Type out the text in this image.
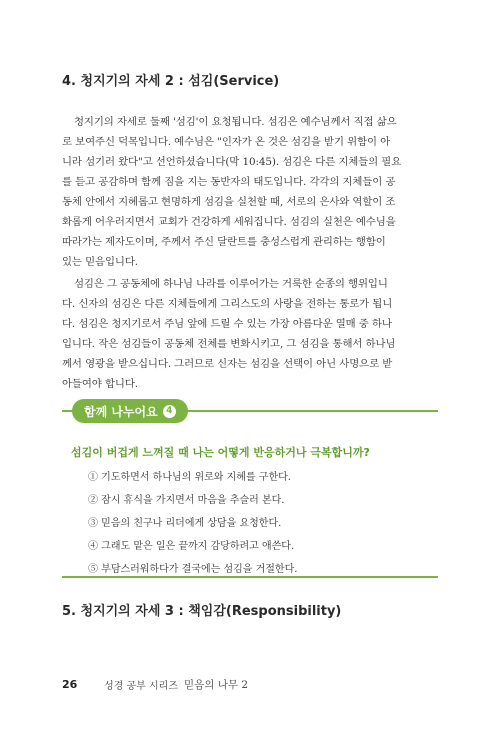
4. 청지기의 자세 2 : 섬김(Service)

청지기의 자세로 둘째 '섬김'이 요청됩니다. 섬김은 예수님께서 직접 삶으

로 보여주신 덕목입니다. 예수님은 "인자가 온 것은 섬김을 받기 위함이 아

니라 섬기러 왔다"고 선언하셨습니다(막 10:45). 섬김은 다른 지체들의 필요

를 듣고 공감하며 함께 짐을 지는 동반자의 태도입니다. 각각의 지체들이 공

동체 안에서 지혜롭고 현명하게 섬김을 실천할 때, 서로의 은사와 역할이 조

화롭게 어우러지면서 교회가 건강하게 세워집니다. 섬김의 실천은 예수님을

따라가는 제자도이며, 주께서 주신 달란트를 충성스럽게 관리하는 행함이

있는 믿음입니다.

섬김은 그 공동체에 하나님 나라를 이루어가는 거룩한 순종의 행위입니

다. 신자의 섬김은 다른 지체들에게 그리스도의 사랑을 전하는 통로가 됩니

다. 섬김은 청지기로서 주님 앞에 드릴 수 있는 가장 아름다운 열매 중 하나

입니다. 작은 섬김들이 공동체 전체를 변화시키고, 그 섬김을 통해서 하나님

께서 영광을 받으십니다. 그러므로 신자는 섬김을 선택이 아닌 사명으로 받

아들여야 합니다.

함께 나누어요 4
섬김이 버겁게 느껴질 때 나는 어떻게 반응하거나 극복합니까?
① 기도하면서 하나님의 위로와 지혜를 구한다.
② 잠시 휴식을 가지면서 마음을 추슬러 본다.
③ 믿음의 친구나 리더에게 상담을 요청한다.
④ 그래도 맡은 일은 끝까지 감당하려고 애쓴다.
⑤ 부담스러워하다가 결국에는 섬김을 거절한다.
5. 청지기의 자세 3 : 책임감(Responsibility)
26	성경 공부 시리즈 믿음의 나무 2
